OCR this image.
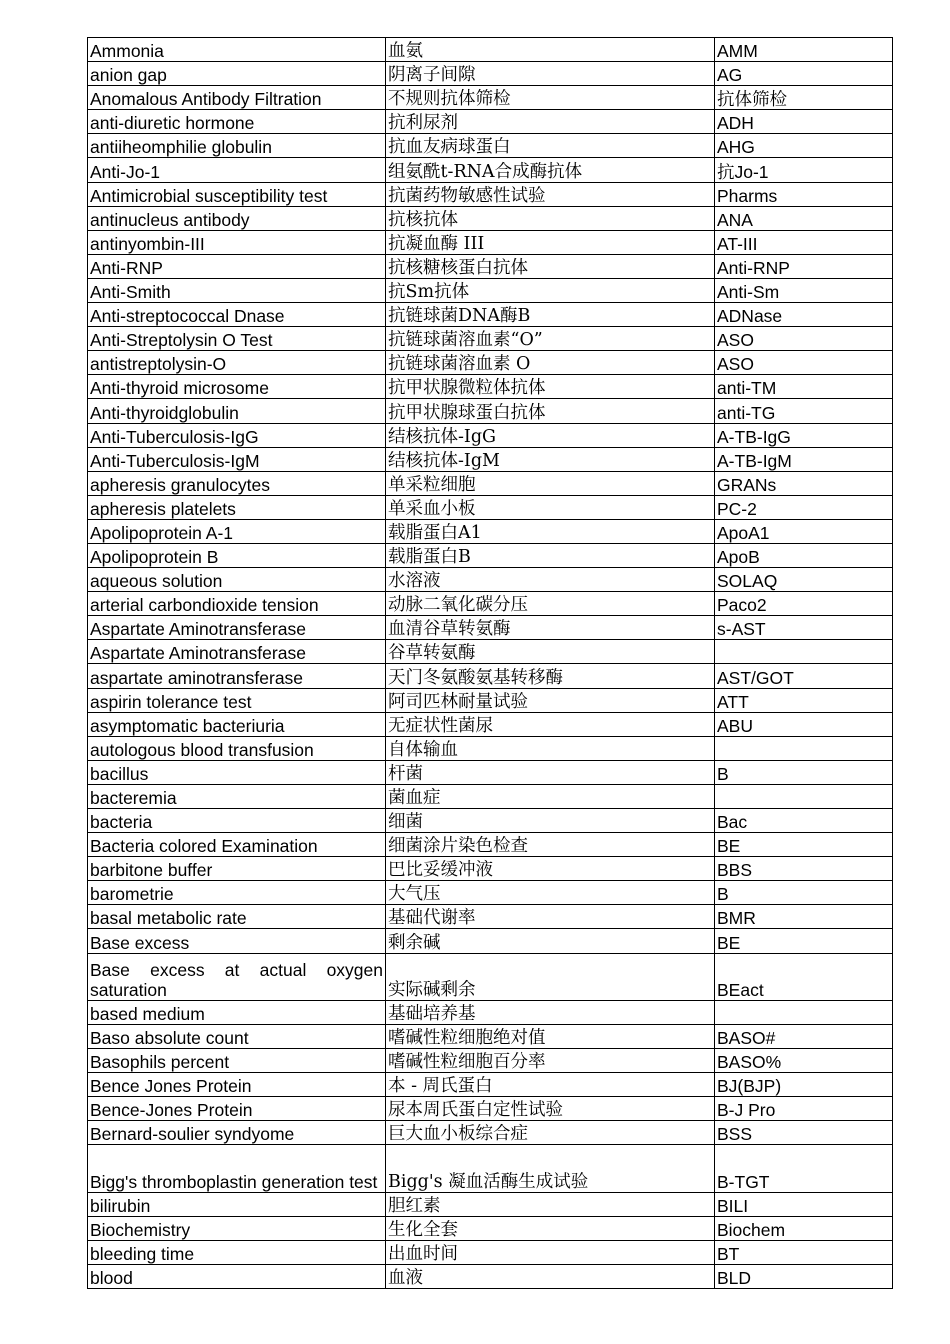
Ammonia	血氨	AMM
anion gap	阴离子间隙	AG
Anomalous Antibody Filtration	不规则抗体筛检	抗体筛检
anti-diuretic hormone	抗利尿剂	ADH
antiiheomphilie globulin	抗血友病球蛋白	AHG
Anti-Jo-1	组氨酰t-RNA合成酶抗体	抗Jo-1
Antimicrobial susceptibility test	抗菌药物敏感性试验	Pharms
antinucleus antibody	抗核抗体	ANA
antinyombin-III	抗凝血酶 III	AT-III
Anti-RNP	抗核糖核蛋白抗体	Anti-RNP
Anti-Smith	抗Sm抗体	Anti-Sm
Anti-streptococcal Dnase	抗链球菌DNA酶B	ADNase
Anti-Streptolysin O Test	抗链球菌溶血素“O”	ASO
antistreptolysin-O	抗链球菌溶血素 O	ASO
Anti-thyroid microsome	抗甲状腺微粒体抗体	anti-TM
Anti-thyroidglobulin	抗甲状腺球蛋白抗体	anti-TG
Anti-Tuberculosis-IgG	结核抗体-IgG	A-TB-IgG
Anti-Tuberculosis-IgM	结核抗体-IgM	A-TB-IgM
apheresis granulocytes	单采粒细胞	GRANs
apheresis platelets	单采血小板	PC-2
Apolipoprotein A-1	载脂蛋白A1	ApoA1
Apolipoprotein B	载脂蛋白B	ApoB
aqueous solution	水溶液	SOLAQ
arterial carbondioxide tension	动脉二氧化碳分压	Paco2
Aspartate Aminotransferase	血清谷草转氨酶	s-AST
Aspartate Aminotransferase	谷草转氨酶	
aspartate aminotransferase	天门冬氨酸氨基转移酶	AST/GOT
aspirin tolerance test	阿司匹林耐量试验	ATT
asymptomatic bacteriuria	无症状性菌尿	ABU
autologous blood transfusion	自体输血	
bacillus	杆菌	B
bacteremia	菌血症	
bacteria	细菌	Bac
Bacteria colored Examination	细菌涂片染色检查	BE
barbitone buffer	巴比妥缓冲液	BBS
barometrie	大气压	B
basal metabolic rate	基础代谢率	BMR
Base excess	剩余碱	BE
Base excess at actual oxygen saturation	实际碱剩余	BEact
based medium	基础培养基	
Baso absolute count	嗜碱性粒细胞绝对值	BASO#
Basophils percent	嗜碱性粒细胞百分率	BASO%
Bence Jones Protein	本 - 周氏蛋白	BJ(BJP)
Bence-Jones Protein	尿本周氏蛋白定性试验	B-J Pro
Bernard-soulier syndyome	巨大血小板综合症	BSS
Bigg's thromboplastin generation test	Bigg's 凝血活酶生成试验	B-TGT
bilirubin	胆红素	BILI
Biochemistry	生化全套	Biochem
bleeding time	出血时间	BT
blood	血液	BLD
